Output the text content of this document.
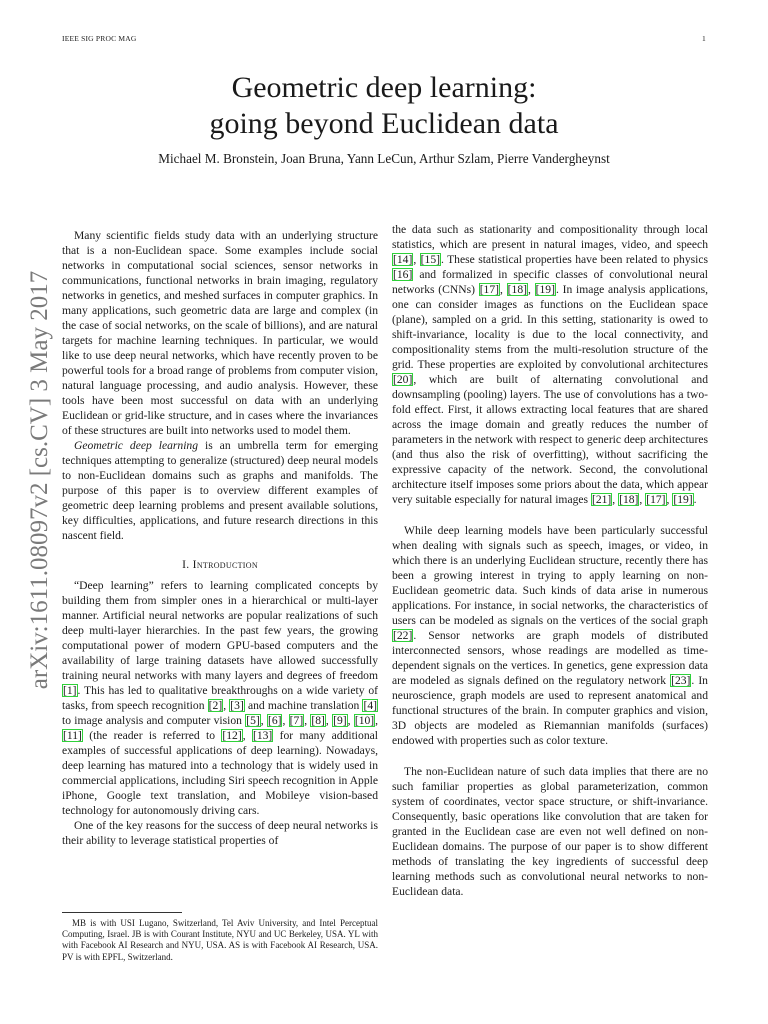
IEEE SIG PROC MAG	1
Geometric deep learning:
going beyond Euclidean data
Michael M. Bronstein, Joan Bruna, Yann LeCun, Arthur Szlam, Pierre Vandergheynst
arXiv:1611.08097v2 [cs.CV] 3 May 2017

Many scientific fields study data with an underlying structure that is a non-Euclidean space. Some examples include social networks in computational social sciences, sensor networks in communications, functional networks in brain imaging, regulatory networks in genetics, and meshed surfaces in computer graphics. In many applications, such geometric data are large and complex (in the case of social networks, on the scale of billions), and are natural targets for machine learning techniques. In particular, we would like to use deep neural networks, which have recently proven to be powerful tools for a broad range of problems from computer vision, natural language processing, and audio analysis. However, these tools have been most successful on data with an underlying Euclidean or grid-like structure, and in cases where the invariances of these structures are built into networks used to model them.

Geometric deep learning is an umbrella term for emerging techniques attempting to generalize (structured) deep neural models to non-Euclidean domains such as graphs and manifolds. The purpose of this paper is to overview different examples of geometric deep learning problems and present available solutions, key difficulties, applications, and future research directions in this nascent field.

I. Introduction

“Deep learning” refers to learning complicated concepts by building them from simpler ones in a hierarchical or multi-layer manner. Artificial neural networks are popular realizations of such deep multi-layer hierarchies. In the past few years, the growing computational power of modern GPU-based computers and the availability of large training datasets have allowed successfully training neural networks with many layers and degrees of freedom [1]. This has led to qualitative breakthroughs on a wide variety of tasks, from speech recognition [2], [3] and machine translation [4] to image analysis and computer vision [5], [6], [7], [8], [9], [10], [11] (the reader is referred to [12], [13] for many additional examples of successful applications of deep learning). Nowadays, deep learning has matured into a technology that is widely used in commercial applications, including Siri speech recognition in Apple iPhone, Google text translation, and Mobileye vision-based technology for autonomously driving cars.

One of the key reasons for the success of deep neural networks is their ability to leverage statistical properties of

the data such as stationarity and compositionality through local statistics, which are present in natural images, video, and speech [14], [15]. These statistical properties have been related to physics [16] and formalized in specific classes of convolutional neural networks (CNNs) [17], [18], [19]. In image analysis applications, one can consider images as functions on the Euclidean space (plane), sampled on a grid. In this setting, stationarity is owed to shift-invariance, locality is due to the local connectivity, and compositionality stems from the multi-resolution structure of the grid. These properties are exploited by convolutional architectures [20], which are built of alternating convolutional and downsampling (pooling) layers. The use of convolutions has a two-fold effect. First, it allows extracting local features that are shared across the image domain and greatly reduces the number of parameters in the network with respect to generic deep architectures (and thus also the risk of overfitting), without sacrificing the expressive capacity of the network. Second, the convolutional architecture itself imposes some priors about the data, which appear very suitable especially for natural images [21], [18], [17], [19].

While deep learning models have been particularly successful when dealing with signals such as speech, images, or video, in which there is an underlying Euclidean structure, recently there has been a growing interest in trying to apply learning on non-Euclidean geometric data. Such kinds of data arise in numerous applications. For instance, in social networks, the characteristics of users can be modeled as signals on the vertices of the social graph [22]. Sensor networks are graph models of distributed interconnected sensors, whose readings are modelled as time-dependent signals on the vertices. In genetics, gene expression data are modeled as signals defined on the regulatory network [23]. In neuroscience, graph models are used to represent anatomical and functional structures of the brain. In computer graphics and vision, 3D objects are modeled as Riemannian manifolds (surfaces) endowed with properties such as color texture.

The non-Euclidean nature of such data implies that there are no such familiar properties as global parameterization, common system of coordinates, vector space structure, or shift-invariance. Consequently, basic operations like convolution that are taken for granted in the Euclidean case are even not well defined on non-Euclidean domains. The purpose of our paper is to show different methods of translating the key ingredients of successful deep learning methods such as convolutional neural networks to non-Euclidean data.

MB is with USI Lugano, Switzerland, Tel Aviv University, and Intel Perceptual Computing, Israel. JB is with Courant Institute, NYU and UC Berkeley, USA. YL with with Facebook AI Research and NYU, USA. AS is with Facebook AI Research, USA. PV is with EPFL, Switzerland.
